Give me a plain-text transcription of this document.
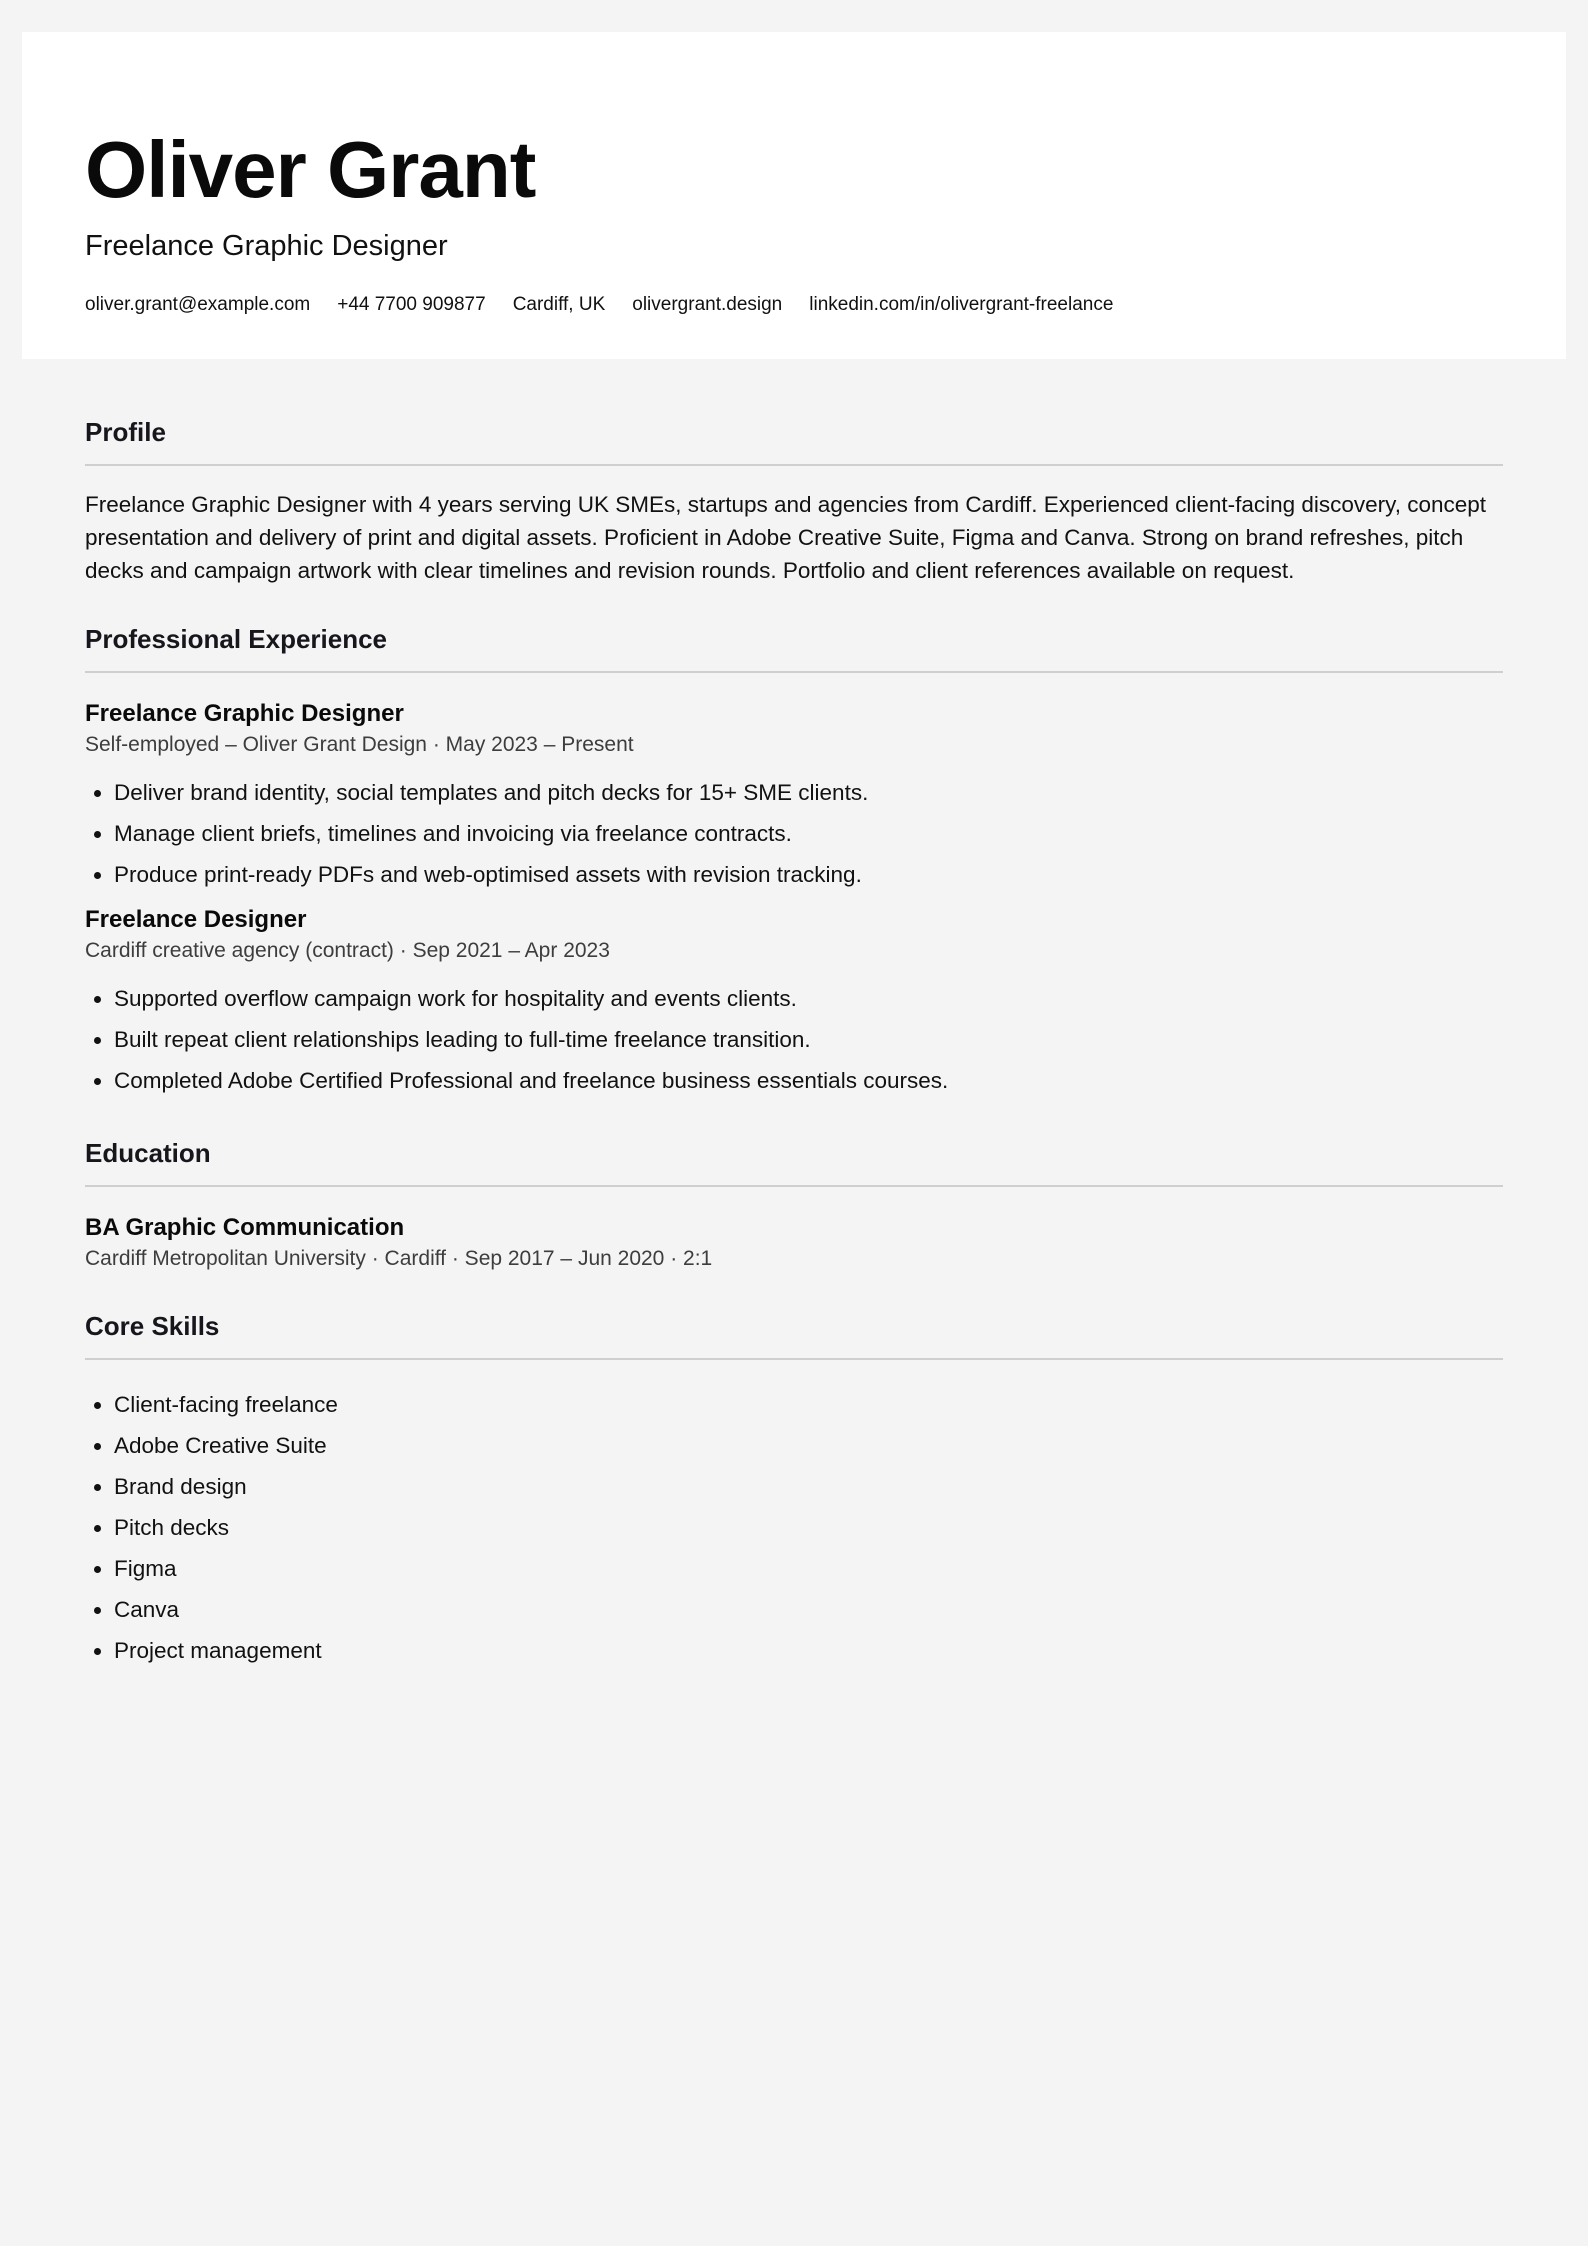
Oliver Grant

Freelance Graphic Designer

oliver.grant@example.com +44 7700 909877 Cardiff, UK olivergrant.design linkedin.com/in/olivergrant-freelance
Profile

Freelance Graphic Designer with 4 years serving UK SMEs, startups and agencies from Cardiff. Experienced client-facing discovery, concept presentation and delivery of print and digital assets. Proficient in Adobe Creative Suite, Figma and Canva. Strong on brand refreshes, pitch decks and campaign artwork with clear timelines and revision rounds. Portfolio and client references available on request.

Professional Experience
Freelance Graphic Designer

Self-employed – Oliver Grant Design · May 2023 – Present

• Deliver brand identity, social templates and pitch decks for 15+ SME clients.
• Manage client briefs, timelines and invoicing via freelance contracts.
• Produce print-ready PDFs and web-optimised assets with revision tracking.
Freelance Designer

Cardiff creative agency (contract) · Sep 2021 – Apr 2023

• Supported overflow campaign work for hospitality and events clients.
• Built repeat client relationships leading to full-time freelance transition.
• Completed Adobe Certified Professional and freelance business essentials courses.
Education
BA Graphic Communication

Cardiff Metropolitan University · Cardiff · Sep 2017 – Jun 2020 · 2:1

Core Skills
• Client-facing freelance
• Adobe Creative Suite
• Brand design
• Pitch decks
• Figma
• Canva
• Project management
